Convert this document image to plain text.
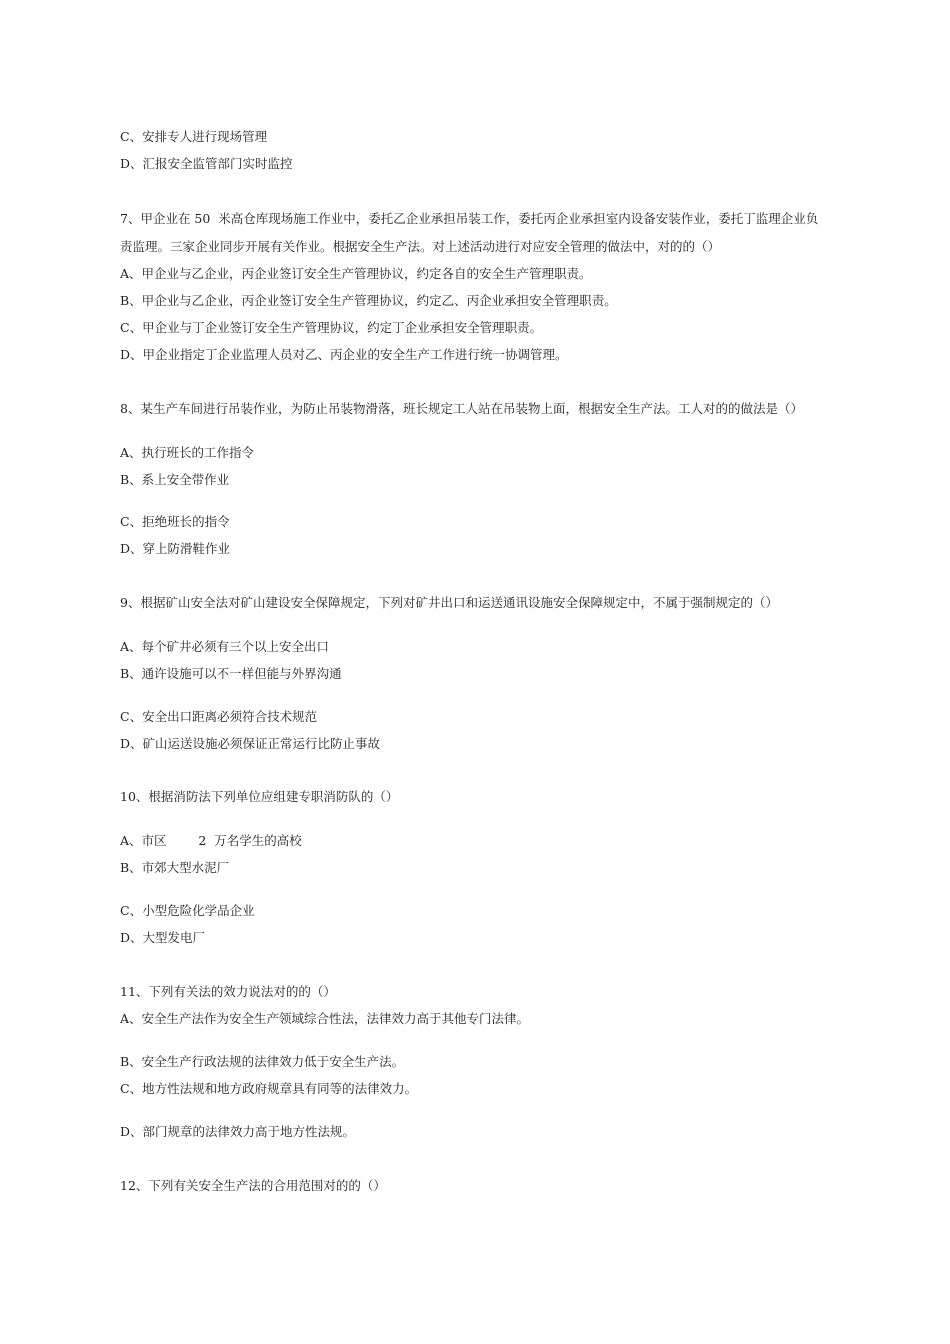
C、安排专人进行现场管理
D、汇报安全监管部门实时监控
7、甲企业在 50  米高仓库现场施工作业中，委托乙企业承担吊装工作，委托丙企业承担室内设备安装作业，委托丁监理企业负
责监理。三家企业同步开展有关作业。根据安全生产法。对上述活动进行对应安全管理的做法中，对的的（）
A、甲企业与乙企业，丙企业签订安全生产管理协议，约定各自的安全生产管理职责。
B、甲企业与乙企业，丙企业签订安全生产管理协议，约定乙、丙企业承担安全管理职责。
C、甲企业与丁企业签订安全生产管理协议，约定丁企业承担安全管理职责。
D、甲企业指定丁企业监理人员对乙、丙企业的安全生产工作进行统一协调管理。
8、某生产车间进行吊装作业，为防止吊装物滑落，班长规定工人站在吊装物上面，根据安全生产法。工人对的的做法是（）
A、执行班长的工作指令
B、系上安全带作业
C、拒绝班长的指令
D、穿上防滑鞋作业
9、根据矿山安全法对矿山建设安全保障规定，下列对矿井出口和运送通讯设施安全保障规定中，不属于强制规定的（）
A、每个矿井必须有三个以上安全出口
B、通许设施可以不一样但能与外界沟通
C、安全出口距离必须符合技术规范
D、矿山运送设施必须保证正常运行比防止事故
10、根据消防法下列单位应组建专职消防队的（）
A、市区        2  万名学生的高校
B、市郊大型水泥厂
C、小型危险化学品企业
D、大型发电厂
11、下列有关法的效力说法对的的（）
A、安全生产法作为安全生产领域综合性法，法律效力高于其他专门法律。
B、安全生产行政法规的法律效力低于安全生产法。
C、地方性法规和地方政府规章具有同等的法律效力。
D、部门规章的法律效力高于地方性法规。
12、下列有关安全生产法的合用范围对的的（）
